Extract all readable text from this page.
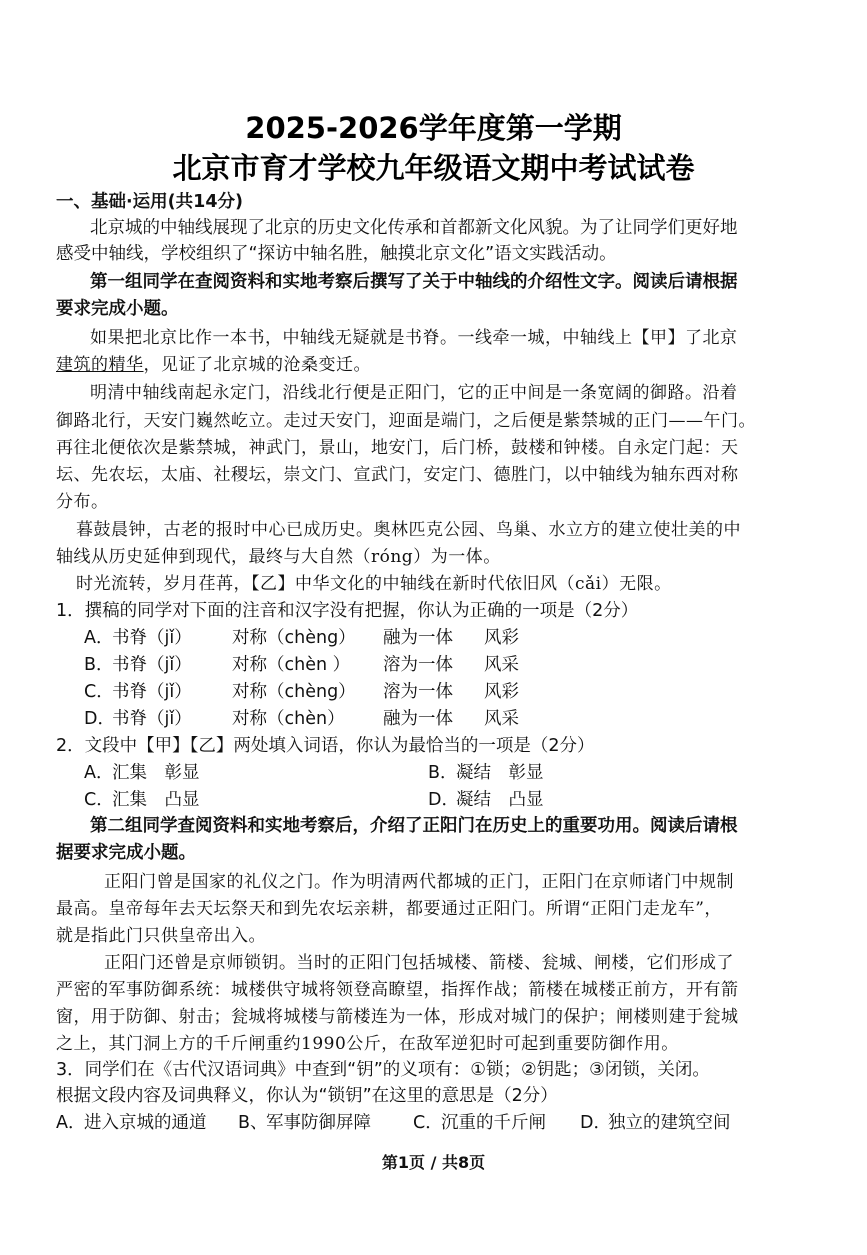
2025-2026学年度第一学期
北京市育才学校九年级语文期中考试试卷
一、基础·运用(共14分)
北京城的中轴线展现了北京的历史文化传承和首都新文化风貌。为了让同学们更好地
感受中轴线，学校组织了“探访中轴名胜，触摸北京文化”语文实践活动。
第一组同学在查阅资料和实地考察后撰写了关于中轴线的介绍性文字。阅读后请根据
要求完成小题。
如果把北京比作一本书，中轴线无疑就是书脊。一线牵一城，中轴线上【甲】了北京
建筑的精华，见证了北京城的沧桑变迁。
明清中轴线南起永定门，沿线北行便是正阳门，它的正中间是一条宽阔的御路。沿着
御路北行，天安门巍然屹立。走过天安门，迎面是端门，之后便是紫禁城的正门——午门。
再往北便依次是紫禁城，神武门，景山，地安门，后门桥，鼓楼和钟楼。自永定门起：天
坛、先农坛，太庙、社稷坛，崇文门、宣武门，安定门、德胜门，以中轴线为轴东西对称
分布。
暮鼓晨钟，古老的报时中心已成历史。奥林匹克公园、鸟巢、水立方的建立使壮美的中
轴线从历史延伸到现代，最终与大自然（róng）为一体。
时光流转，岁月荏苒，【乙】中华文化的中轴线在新时代依旧风（cǎi）无限。
1．撰稿的同学对下面的注音和汉字没有把握，你认为正确的一项是（2分）
A．
书脊（jǐ） 对称（chèng） 融为一体 风彩
B．
书脊（jǐ） 对称（chèn ） 溶为一体 风采
C．
书脊（jǐ） 对称（chèng） 溶为一体 风彩
D．
书脊（jǐ） 对称（chèn） 融为一体 风采
2．文段中【甲】【乙】两处填入词语，你认为最恰当的一项是（2分）
A．
汇集　彰显	B．
凝结　彰显
C．
汇集　凸显	D．
凝结　凸显
第二组同学查阅资料和实地考察后，介绍了正阳门在历史上的重要功用。阅读后请根
据要求完成小题。
正阳门曾是国家的礼仪之门。作为明清两代都城的正门，正阳门在京师诸门中规制
最高。皇帝每年去天坛祭天和到先农坛亲耕，都要通过正阳门。所谓“正阳门走龙车”，
就是指此门只供皇帝出入。
正阳门还曾是京师锁钥。当时的正阳门包括城楼、箭楼、瓮城、闸楼，它们形成了
严密的军事防御系统：城楼供守城将领登高瞭望，指挥作战；箭楼在城楼正前方，开有箭
窗，用于防御、射击；瓮城将城楼与箭楼连为一体，形成对城门的保护；闸楼则建于瓮城
之上，其门洞上方的千斤闸重约1990公斤，在敌军逆犯时可起到重要防御作用。
3．同学们在《古代汉语词典》中查到“钥”的义项有：①锁；②钥匙；③闭锁，关闭。
根据文段内容及词典释义，你认为“锁钥”在这里的意思是（2分）
A．
进入京城的通道 B、
军事防御屏障 C．
沉重的千斤闸 D．
独立的建筑空间
第1页 / 共8页
